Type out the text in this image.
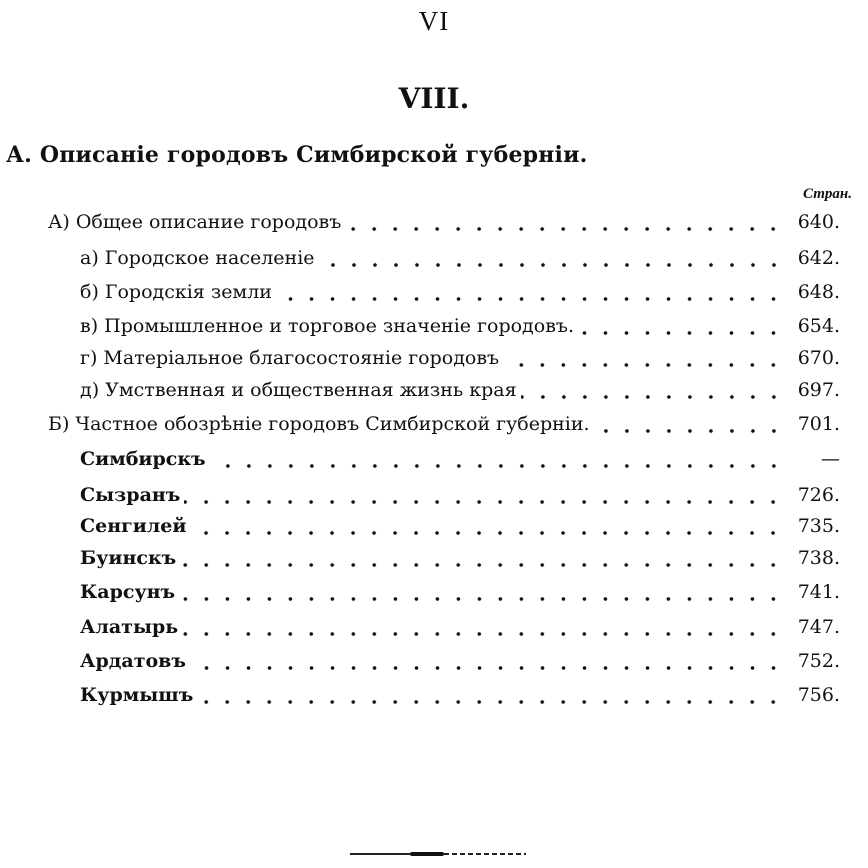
VI
VIII.
А. Описанiе городовъ Симбирской губернiи.
Стран.
А) Общее описание городовъ	640.
а) Городское населенiе	642.
б) Городскiя земли	648.
в) Промышленное и торговое значенiе городовъ.	654.
г) Матерiальное благосостоянiе городовъ	670.
д) Умственная и общественная жизнь края	697.
Б) Частное обозрѣнiе городовъ Симбирской губернiи.	701.
Симбирскъ	—
Сызранъ	726.
Сенгилей	735.
Буинскъ	738.
Карсунъ	741.
Алатырь	747.
Ардатовъ	752.
Курмышъ	756.
